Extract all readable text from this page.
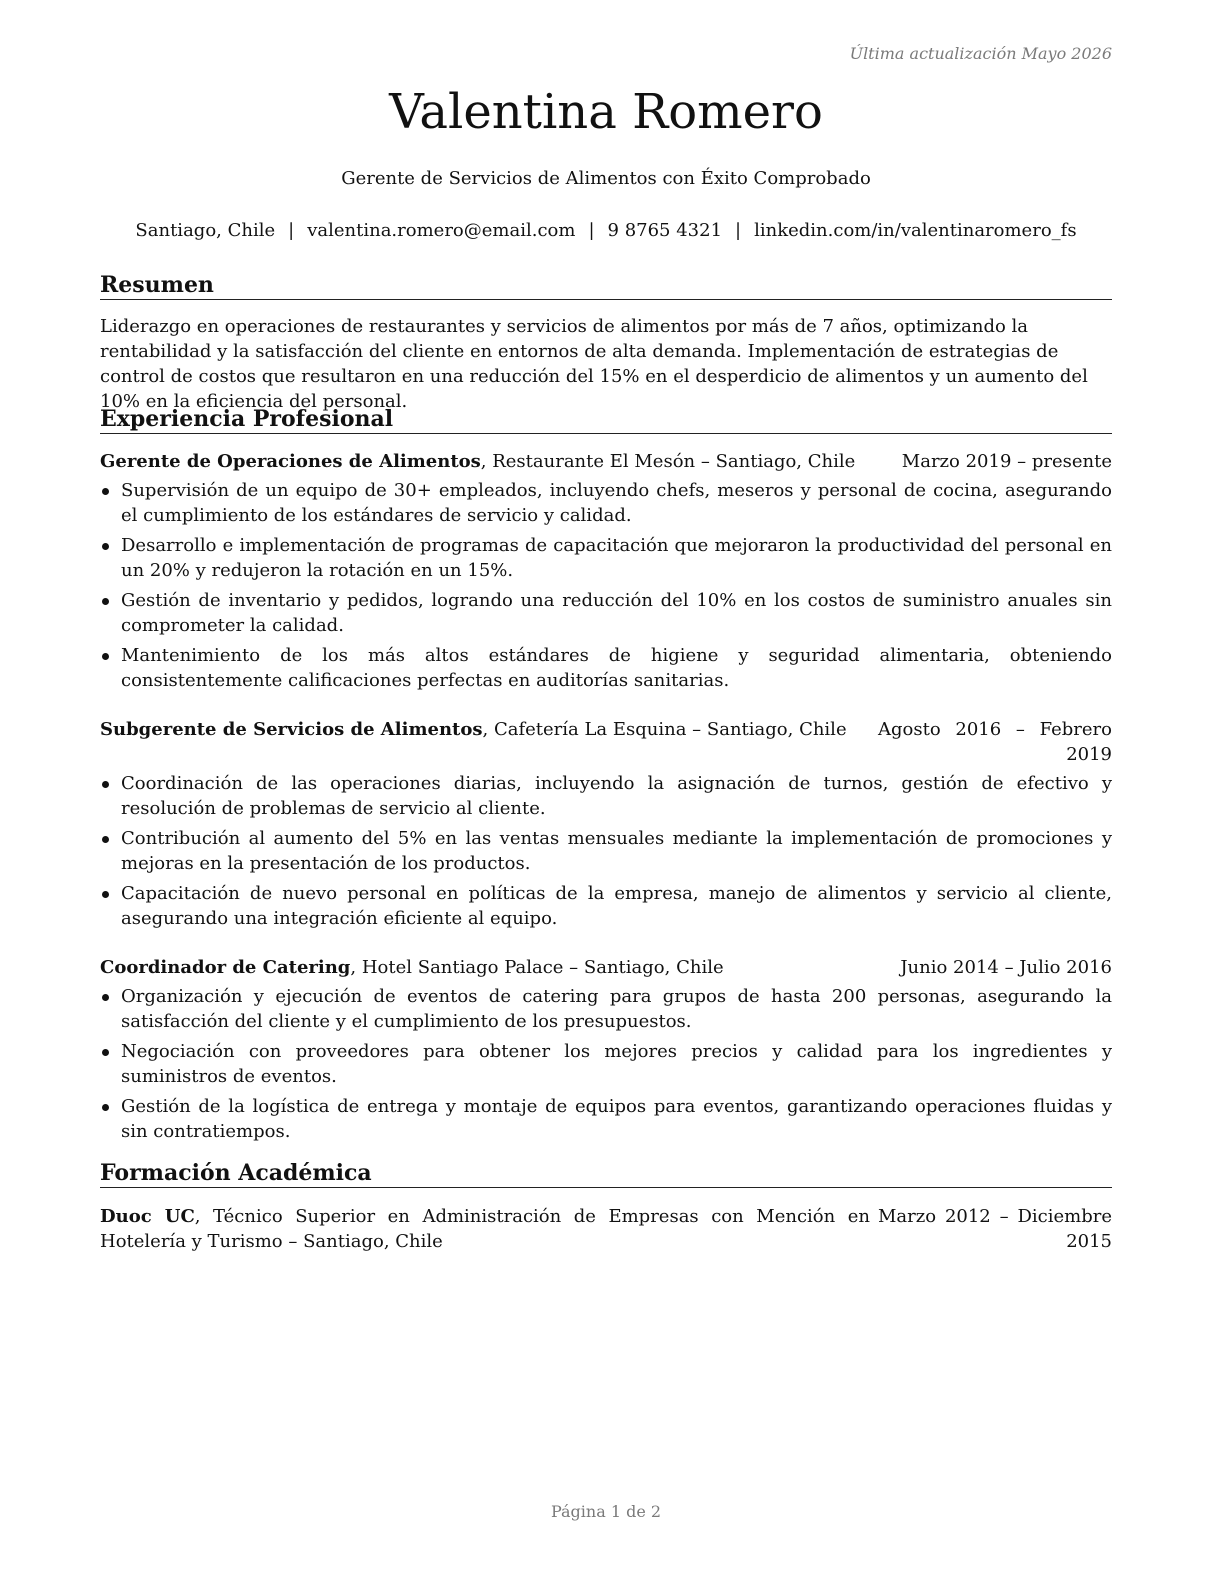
Última actualización Mayo 2026
Valentina Romero
Gerente de Servicios de Alimentos con Éxito Comprobado
Santiago, Chile | valentina.romero@email.com | 9 8765 4321 | linkedin.com/in/valentinaromero_fs
Resumen
Liderazgo en operaciones de restaurantes y servicios de alimentos por más de 7 años, optimizando la rentabilidad y la satisfacción del cliente en entornos de alta demanda. Implementación de estrategias de control de costos que resultaron en una reducción del 15% en el desperdicio de alimentos y un aumento del 10% en la eficiencia del personal.
Experiencia Profesional
Gerente de Operaciones de Alimentos, Restaurante El Mesón – Santiago, Chile	Marzo 2019 – presente
Supervisión de un equipo de 30+ empleados, incluyendo chefs, meseros y personal de cocina, asegurando el cumplimiento de los estándares de servicio y calidad.
Desarrollo e implementación de programas de capacitación que mejoraron la productividad del personal en un 20% y redujeron la rotación en un 15%.
Gestión de inventario y pedidos, logrando una reducción del 10% en los costos de suministro anuales sin comprometer la calidad.
Mantenimiento de los más altos estándares de higiene y seguridad alimentaria, obteniendo consistentemente calificaciones perfectas en auditorías sanitarias.
Subgerente de Servicios de Alimentos, Cafetería La Esquina – Santiago, Chile Agosto 2016 – Febrero 2019
Coordinación de las operaciones diarias, incluyendo la asignación de turnos, gestión de efectivo y resolución de problemas de servicio al cliente.
Contribución al aumento del 5% en las ventas mensuales mediante la implementación de promociones y mejoras en la presentación de los productos.
Capacitación de nuevo personal en políticas de la empresa, manejo de alimentos y servicio al cliente, asegurando una integración eficiente al equipo.
Coordinador de Catering, Hotel Santiago Palace – Santiago, Chile	Junio 2014 – Julio 2016
Organización y ejecución de eventos de catering para grupos de hasta 200 personas, asegurando la satisfacción del cliente y el cumplimiento de los presupuestos.
Negociación con proveedores para obtener los mejores precios y calidad para los ingredientes y suministros de eventos.
Gestión de la logística de entrega y montaje de equipos para eventos, garantizando operaciones fluidas y sin contratiempos.
Formación Académica
Duoc UC, Técnico Superior en Administración de Empresas con Mención en Hotelería y Turismo – Santiago, Chile
Marzo 2012 – Diciembre 2015
Página 1 de 2
